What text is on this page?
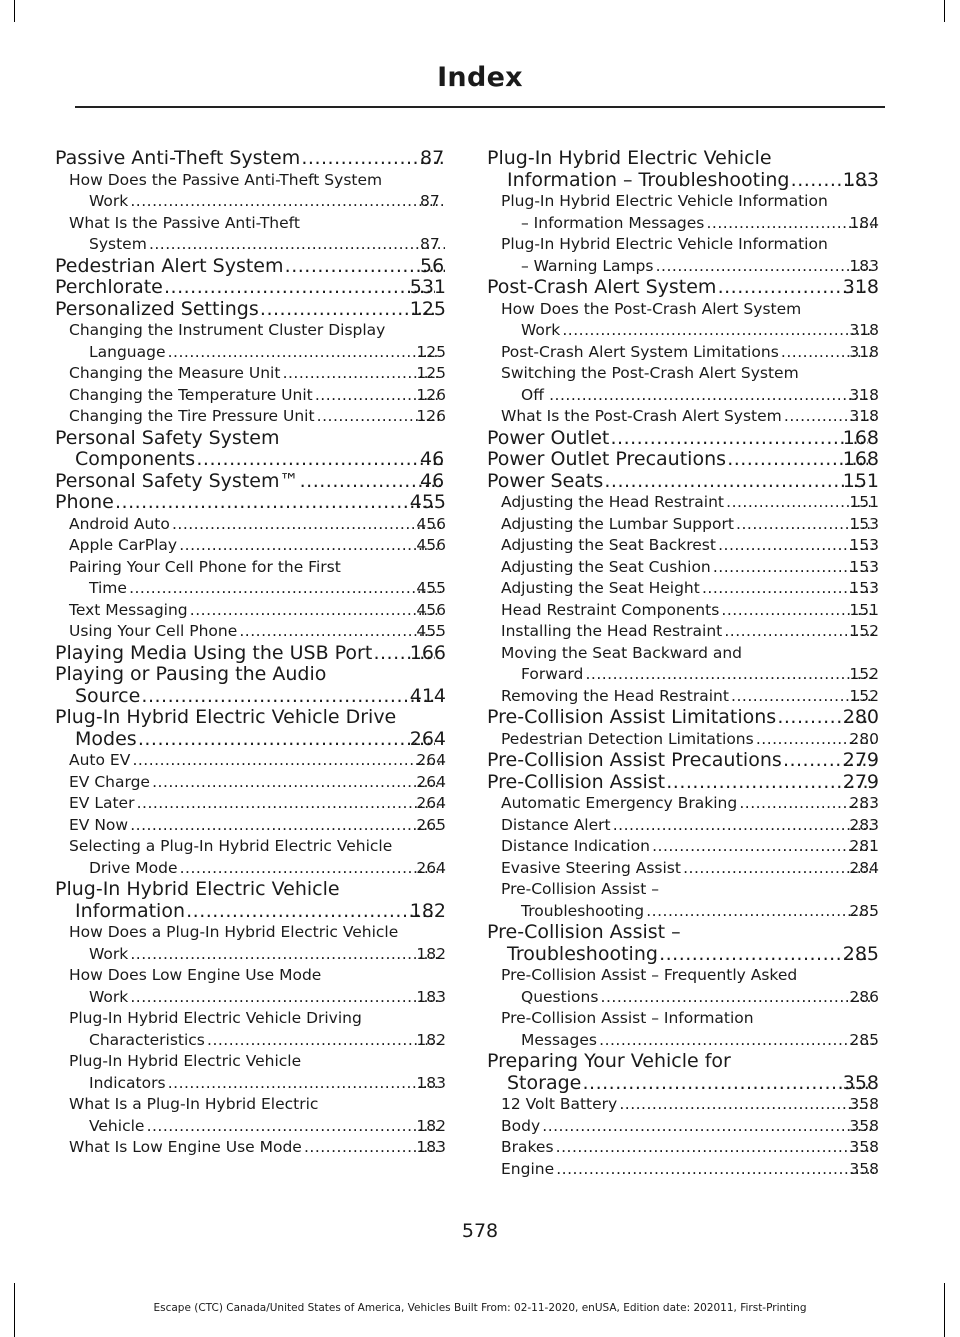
Index
Passive Anti-Theft System .....	87
How Does the Passive Anti-Theft System
Work .....	87
What Is the Passive Anti-Theft
System .....	87
Pedestrian Alert System .....	56
Perchlorate .....	531
Personalized Settings .....	125
Changing the Instrument Cluster Display
Language .....	125
Changing the Measure Unit .....	125
Changing the Temperature Unit .....	126
Changing the Tire Pressure Unit .....	126
Personal Safety System
Components .....	46
Personal Safety System™ .....	46
Phone .....	455
Android Auto .....	456
Apple CarPlay .....	456
Pairing Your Cell Phone for the First
Time .....	455
Text Messaging .....	456
Using Your Cell Phone .....	455
Playing Media Using the USB Port ..... 166
Playing or Pausing the Audio
Source .....	414
Plug-In Hybrid Electric Vehicle Drive
Modes .....	264
Auto EV .....	264
EV Charge .....	264
EV Later .....	264
EV Now .....	265
Selecting a Plug-In Hybrid Electric Vehicle
Drive Mode .....	264
Plug-In Hybrid Electric Vehicle
Information .....	182
How Does a Plug-In Hybrid Electric Vehicle
Work .....	182
How Does Low Engine Use Mode
Work .....	183
Plug-In Hybrid Electric Vehicle Driving
Characteristics .....	182
Plug-In Hybrid Electric Vehicle
Indicators .....	183
What Is a Plug-In Hybrid Electric
Vehicle .....	182
What Is Low Engine Use Mode .....	183
Plug-In Hybrid Electric Vehicle
Information – Troubleshooting .....	183
Plug-In Hybrid Electric Vehicle Information
– Information Messages .....	184
Plug-In Hybrid Electric Vehicle Information
– Warning Lamps .....	183
Post-Crash Alert System .....	318
How Does the Post-Crash Alert System
Work .....	318
Post-Crash Alert System Limitations .....	318
Switching the Post-Crash Alert System
Off .....	318
What Is the Post-Crash Alert System .....	318
Power Outlet .....	168
Power Outlet Precautions .....	168
Power Seats .....	151
Adjusting the Head Restraint .....	151
Adjusting the Lumbar Support .....	153
Adjusting the Seat Backrest .....	153
Adjusting the Seat Cushion .....	153
Adjusting the Seat Height .....	153
Head Restraint Components .....	151
Installing the Head Restraint .....	152
Moving the Seat Backward and
Forward .....	152
Removing the Head Restraint .....	152
Pre-Collision Assist Limitations .....	280
Pedestrian Detection Limitations .....	280
Pre-Collision Assist Precautions .....	279
Pre-Collision Assist .....	279
Automatic Emergency Braking .....	283
Distance Alert .....	283
Distance Indication .....	281
Evasive Steering Assist .....	284
Pre-Collision Assist –
Troubleshooting .....	285
Pre-Collision Assist –
Troubleshooting .....	285
Pre-Collision Assist – Frequently Asked
Questions .....	286
Pre-Collision Assist – Information
Messages .....	285
Preparing Your Vehicle for
Storage .....	358
12 Volt Battery .....	358
Body .....	358
Brakes .....	358
Engine .....	358
578
Escape (CTC) Canada/United States of America, Vehicles Built From: 02-11-2020, enUSA, Edition date: 202011, First-Printing
